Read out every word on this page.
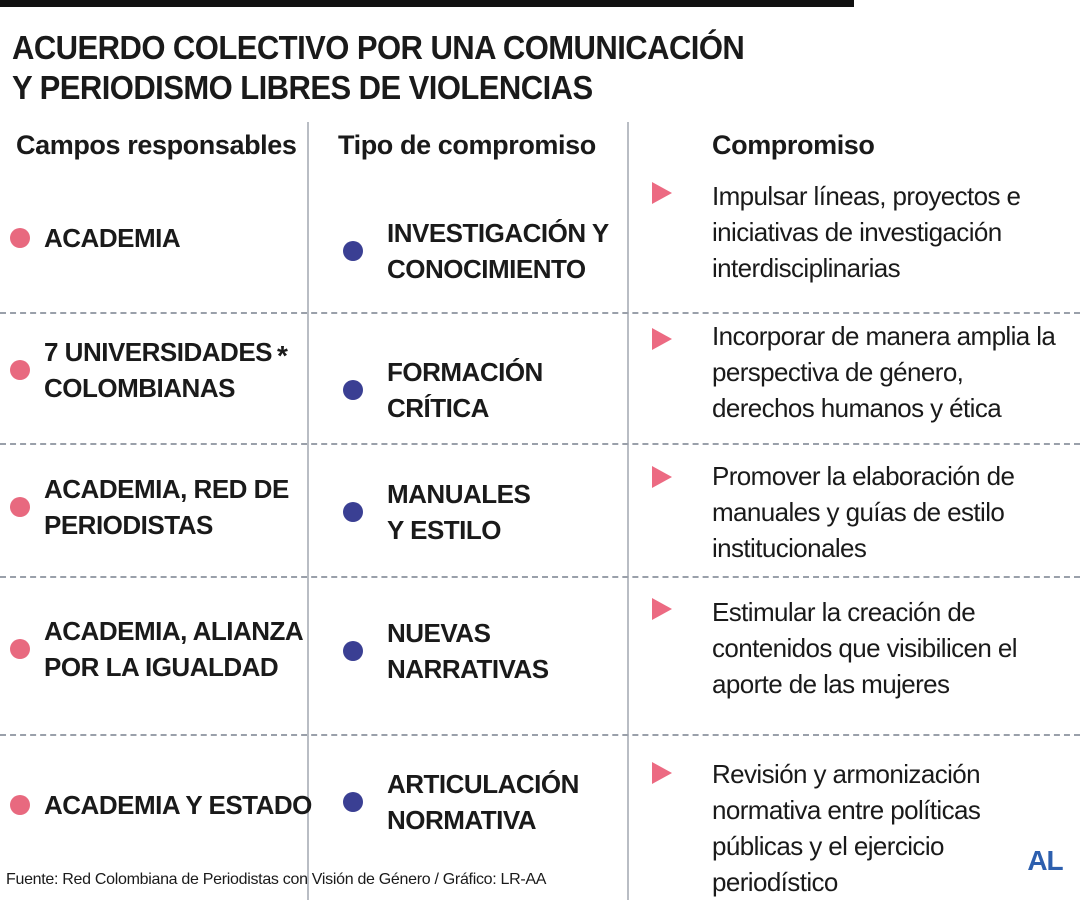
ACUERDO COLECTIVO POR UNA COMUNICACIÓN
Y PERIODISMO LIBRES DE VIOLENCIAS
Campos responsables Tipo de compromiso	Compromiso
ACADEMIA	INVESTIGACIÓN Y
CONOCIMIENTO
Impulsar líneas, proyectos e iniciativas de investigación interdisciplinarias
7 UNIVERSIDADES
COLOMBIANAS
*
FORMACIÓN
CRÍTICA
Incorporar de manera amplia la perspectiva de género, derechos humanos y ética
ACADEMIA, RED DE
PERIODISTAS
MANUALES
Y ESTILO
Promover la elaboración de manuales y guías de estilo institucionales
ACADEMIA, ALIANZA
POR LA IGUALDAD
NUEVAS
NARRATIVAS
Estimular la creación de contenidos que visibilicen el aporte de las mujeres
ACADEMIA Y ESTADO
ARTICULACIÓN
NORMATIVA
Revisión y armonización normativa entre políticas públicas y el ejercicio periodístico
Fuente: Red Colombiana de Periodistas con Visión de Género / Gráfico: LR-AA
AL
